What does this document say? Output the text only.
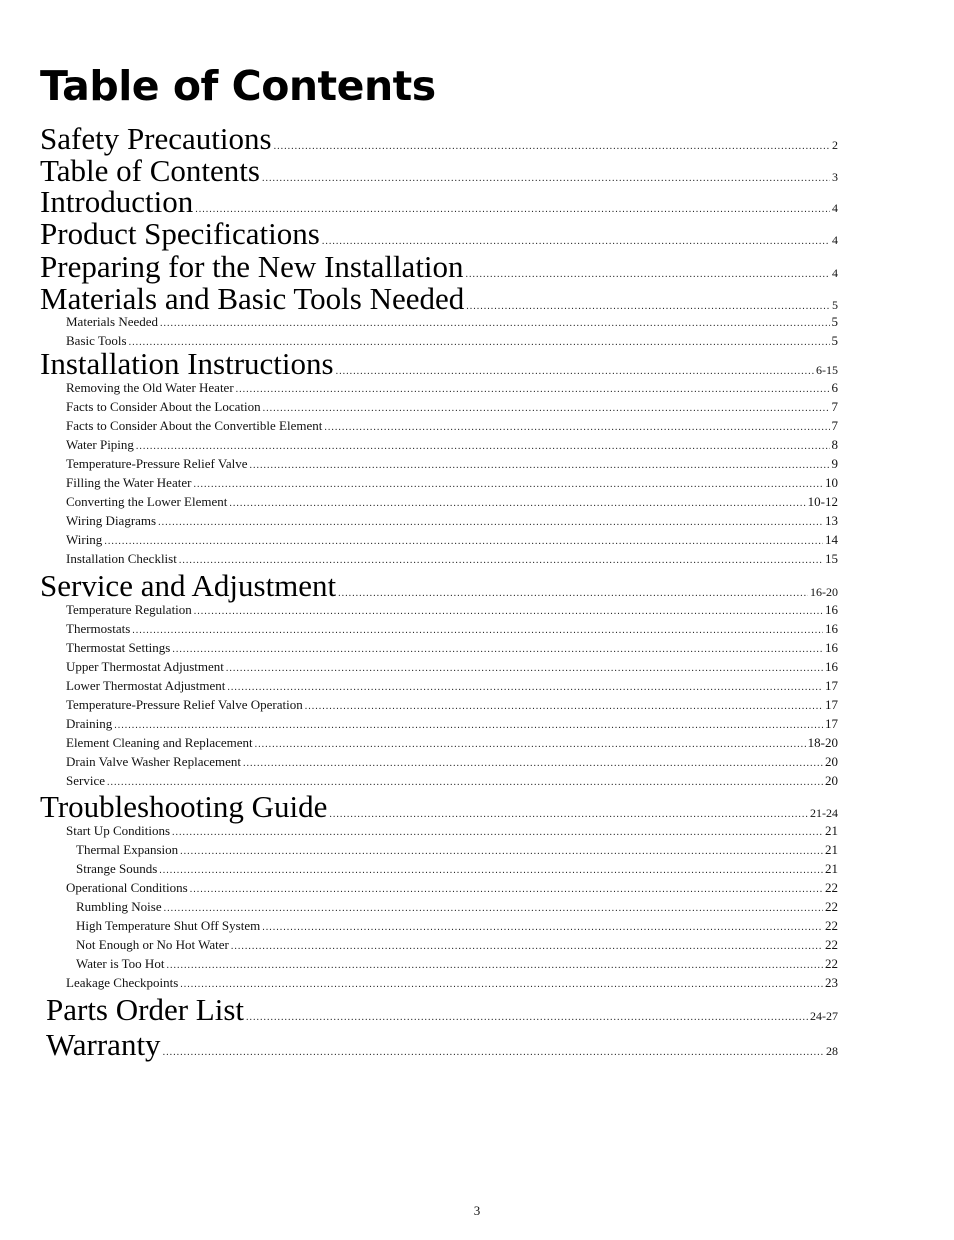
Table of Contents
Safety Precautions .....	2
Table of Contents .....	3
Introduction .....	4
Product Specifications .....	4
Preparing for the New Installation .....	4
Materials and Basic Tools Needed .....	5
Materials Needed .....	5
Basic Tools .....	5
Installation Instructions .....	6-15
Removing the Old Water Heater .....	6
Facts to Consider About the Location .....	7
Facts to Consider About the Convertible Element .....	7
Water Piping .....	8
Temperature-Pressure Relief Valve .....	9
Filling the Water Heater .....	10
Converting the Lower Element .....	10-12
Wiring Diagrams .....	13
Wiring .....	14
Installation Checklist .....	15
Service and Adjustment .....	16-20
Temperature Regulation .....	16
Thermostats .....	16
Thermostat Settings .....	16
Upper Thermostat Adjustment .....	16
Lower Thermostat Adjustment .....	17
Temperature-Pressure Relief Valve Operation .....	17
Draining .....	17
Element Cleaning and Replacement .....	18-20
Drain Valve Washer Replacement .....	20
Service .....	20
Troubleshooting Guide .....	21-24
Start Up Conditions .....	21
Thermal Expansion .....	21
Strange Sounds .....	21
Operational Conditions .....	22
Rumbling Noise .....	22
High Temperature Shut Off System .....	22
Not Enough or No Hot Water .....	22
Water is Too Hot .....	22
Leakage Checkpoints .....	23
Parts Order List .....	24-27
Warranty .....	28
3
